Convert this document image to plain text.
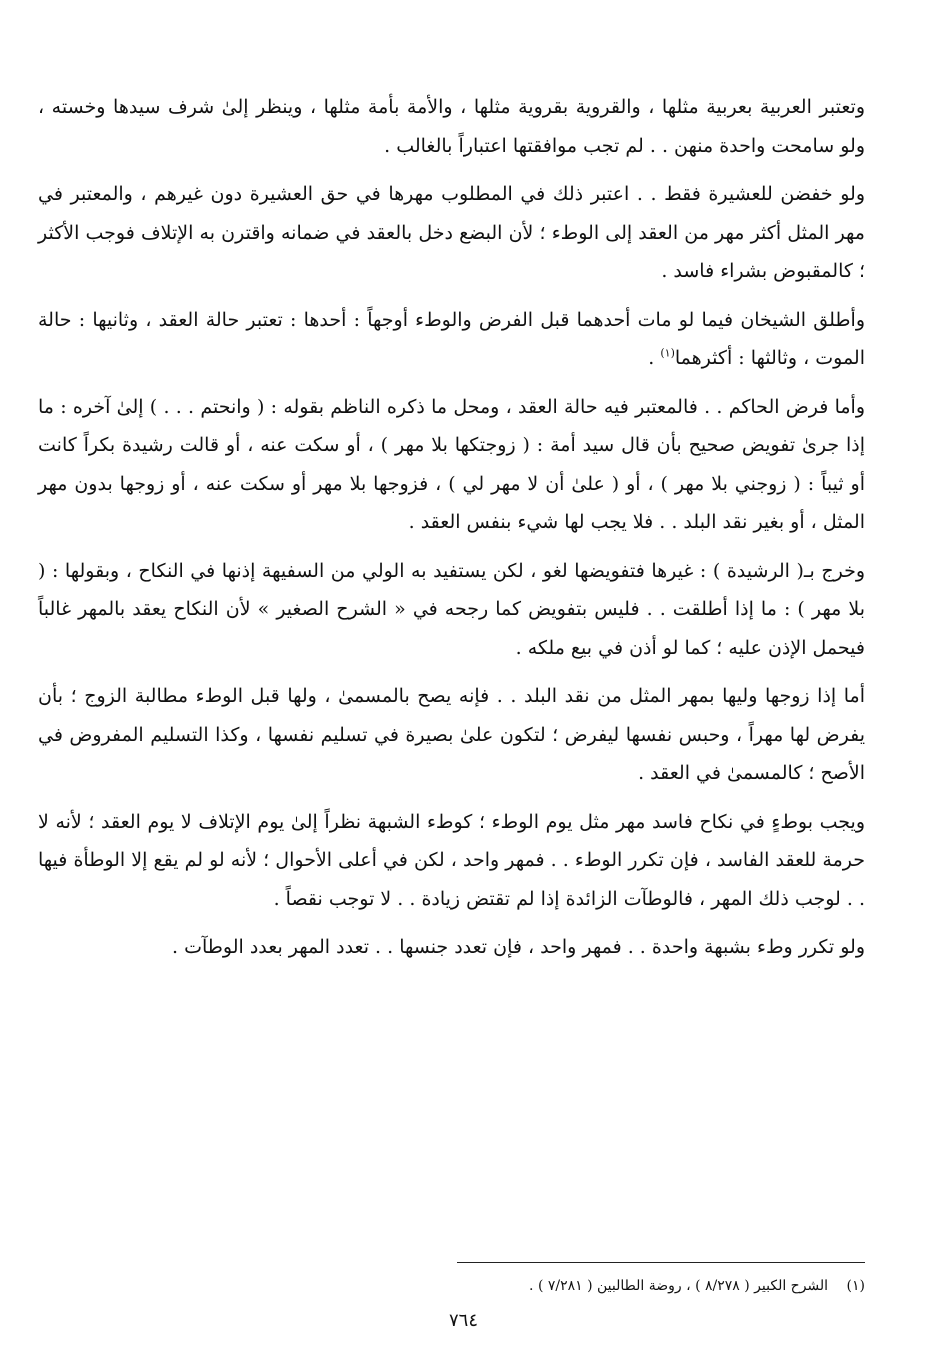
وتعتبر العربية بعربية مثلها ، والقروية بقروية مثلها ، والأمة بأمة مثلها ، وينظر إلىٰ شرف سيدها وخسته ، ولو سامحت واحدة منهن . . لم تجب موافقتها اعتباراً بالغالب .

ولو خفضن للعشيرة فقط . . اعتبر ذلك في المطلوب مهرها في حق العشيرة دون غيرهم ، والمعتبر في مهر المثل أكثر مهر من العقد إلى الوطء ؛ لأن البضع دخل بالعقد في ضمانه واقترن به الإتلاف فوجب الأكثر ؛ كالمقبوض بشراء فاسد .

وأطلق الشيخان فيما لو مات أحدهما قبل الفرض والوطء أوجهاً : أحدها : تعتبر حالة العقد ، وثانيها : حالة الموت ، وثالثها : أكثرهما$^{(١)}$ .

وأما فرض الحاكم . . فالمعتبر فيه حالة العقد ، ومحل ما ذكره الناظم بقوله : ( وانحتم . . . ) إلىٰ آخره : ما إذا جرىٰ تفويض صحيح بأن قال سيد أمة : ( زوجتكها بلا مهر ) ، أو سكت عنه ، أو قالت رشيدة بكراً كانت أو ثيباً : ( زوجني بلا مهر ) ، أو ( علىٰ أن لا مهر لي ) ، فزوجها بلا مهر أو سكت عنه ، أو زوجها بدون مهر المثل ، أو بغير نقد البلد . . فلا يجب لها شيء بنفس العقد .

وخرج بـ( الرشيدة ) : غيرها فتفويضها لغو ، لكن يستفيد به الولي من السفيهة إذنها في النكاح ، وبقولها : ( بلا مهر ) : ما إذا أطلقت . . فليس بتفويض كما رجحه في « الشرح الصغير » لأن النكاح يعقد بالمهر غالباً فيحمل الإذن عليه ؛ كما لو أذن في بيع ملكه .

أما إذا زوجها وليها بمهر المثل من نقد البلد . . فإنه يصح بالمسمىٰ ، ولها قبل الوطء مطالبة الزوج ؛ بأن يفرض لها مهراً ، وحبس نفسها ليفرض ؛ لتكون علىٰ بصيرة في تسليم نفسها ، وكذا التسليم المفروض في الأصح ؛ كالمسمىٰ في العقد .

ويجب بوطءٍ في نكاح فاسد مهر مثل يوم الوطء ؛ كوطء الشبهة نظراً إلىٰ يوم الإتلاف لا يوم العقد ؛ لأنه لا حرمة للعقد الفاسد ، فإن تكرر الوطء . . فمهر واحد ، لكن في أعلى الأحوال ؛ لأنه لو لم يقع إلا الوطأة فيها . . لوجب ذلك المهر ، فالوطآت الزائدة إذا لم تقتض زيادة . . لا توجب نقصاً .

ولو تكرر وطء بشبهة واحدة . . فمهر واحد ، فإن تعدد جنسها . . تعدد المهر بعدد الوطآت .

(١) الشرح الكبير ( ٨/٢٧٨ ) ، روضة الطالبين ( ٧/٢٨١ ) .
٧٦٤
